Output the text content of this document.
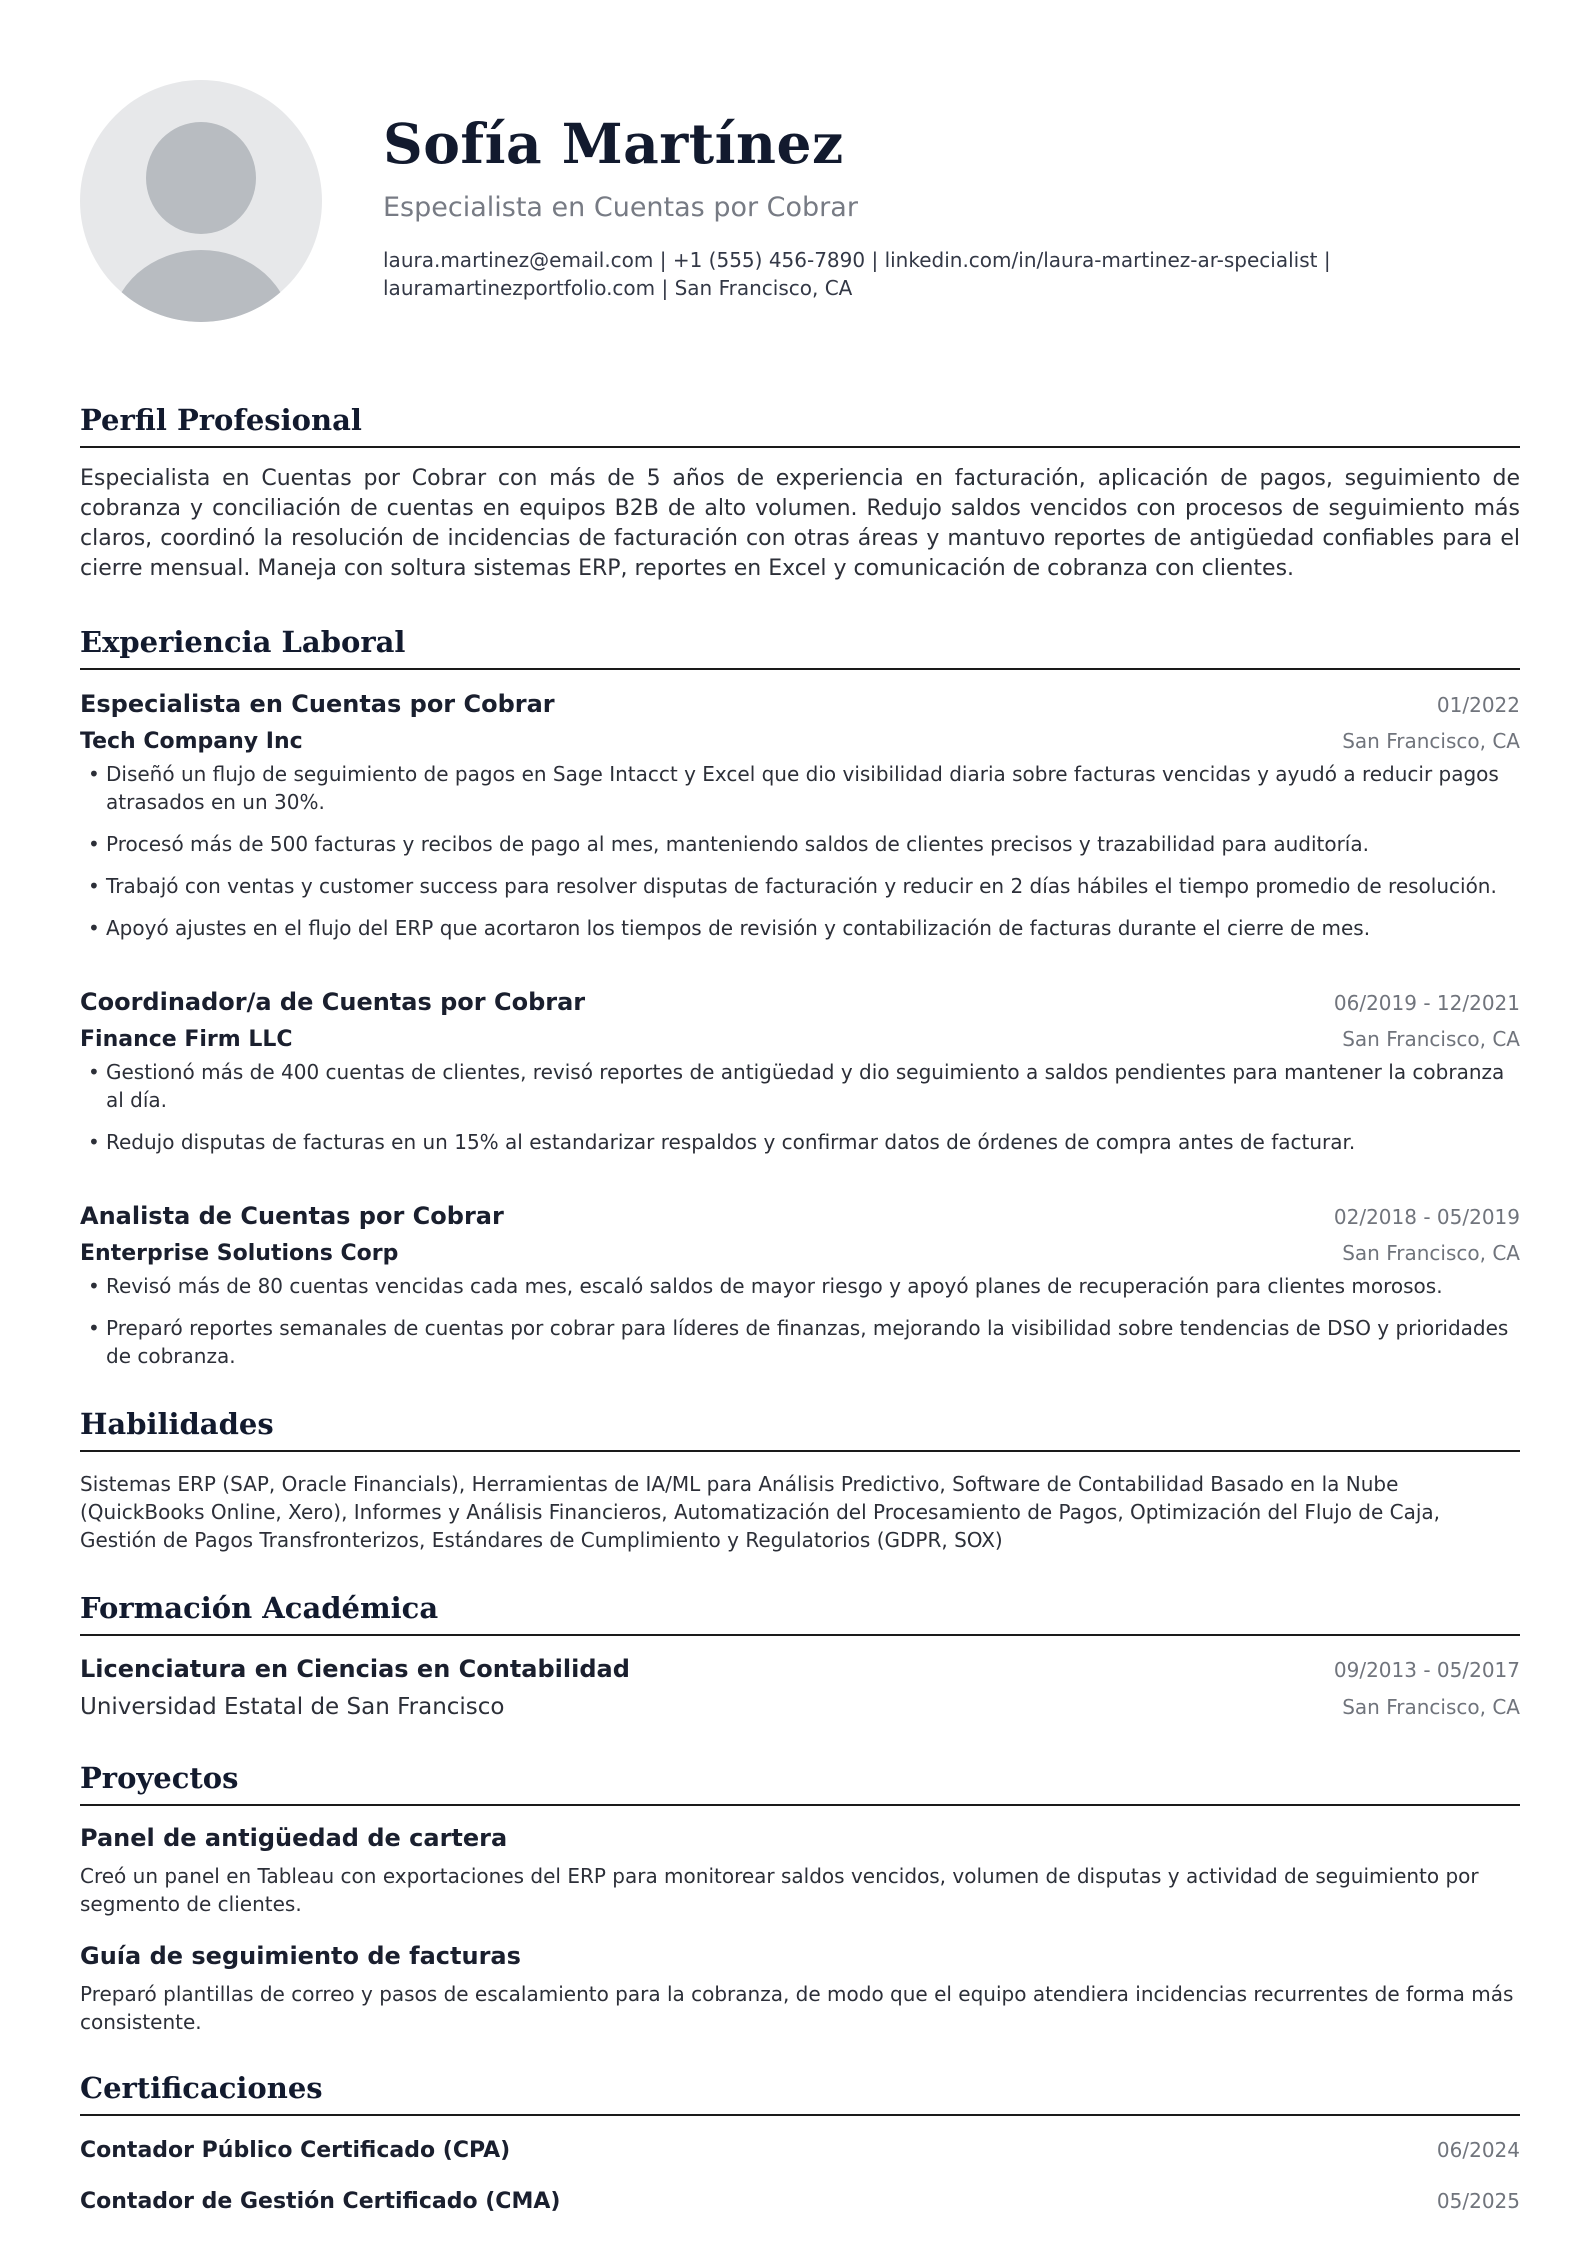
Sofía Martínez
Especialista en Cuentas por Cobrar
laura.martinez@email.com | +1 (555) 456-7890 | linkedin.com/in/laura-martinez-ar-specialist |
lauramartinezportfolio.com | San Francisco, CA
Perfil Profesional
Especialista en Cuentas por Cobrar con más de 5 años de experiencia en facturación, aplicación de pagos, seguimiento de cobranza y conciliación de cuentas en equipos B2B de alto volumen. Redujo saldos vencidos con procesos de seguimiento más claros, coordinó la resolución de incidencias de facturación con otras áreas y mantuvo reportes de antigüedad confiables para el cierre mensual. Maneja con soltura sistemas ERP, reportes en Excel y comunicación de cobranza con clientes.
Experiencia Laboral
Especialista en Cuentas por Cobrar	01/2022
Tech Company Inc	San Francisco, CA
• Diseñó un flujo de seguimiento de pagos en Sage Intacct y Excel que dio visibilidad diaria sobre facturas vencidas y ayudó a reducir pagos atrasados en un 30%.
• Procesó más de 500 facturas y recibos de pago al mes, manteniendo saldos de clientes precisos y trazabilidad para auditoría.
• Trabajó con ventas y customer success para resolver disputas de facturación y reducir en 2 días hábiles el tiempo promedio de resolución.
• Apoyó ajustes en el flujo del ERP que acortaron los tiempos de revisión y contabilización de facturas durante el cierre de mes.
Coordinador/a de Cuentas por Cobrar	06/2019 - 12/2021
Finance Firm LLC	San Francisco, CA
• Gestionó más de 400 cuentas de clientes, revisó reportes de antigüedad y dio seguimiento a saldos pendientes para mantener la cobranza al día.
• Redujo disputas de facturas en un 15% al estandarizar respaldos y confirmar datos de órdenes de compra antes de facturar.
Analista de Cuentas por Cobrar	02/2018 - 05/2019
Enterprise Solutions Corp	San Francisco, CA
• Revisó más de 80 cuentas vencidas cada mes, escaló saldos de mayor riesgo y apoyó planes de recuperación para clientes morosos.
• Preparó reportes semanales de cuentas por cobrar para líderes de finanzas, mejorando la visibilidad sobre tendencias de DSO y prioridades de cobranza.
Habilidades
Sistemas ERP (SAP, Oracle Financials), Herramientas de IA/ML para Análisis Predictivo, Software de Contabilidad Basado en la Nube (QuickBooks Online, Xero), Informes y Análisis Financieros, Automatización del Procesamiento de Pagos, Optimización del Flujo de Caja, Gestión de Pagos Transfronterizos, Estándares de Cumplimiento y Regulatorios (GDPR, SOX)
Formación Académica
Licenciatura en Ciencias en Contabilidad	09/2013 - 05/2017
Universidad Estatal de San Francisco	San Francisco, CA
Proyectos
Panel de antigüedad de cartera
Creó un panel en Tableau con exportaciones del ERP para monitorear saldos vencidos, volumen de disputas y actividad de seguimiento por segmento de clientes.
Guía de seguimiento de facturas
Preparó plantillas de correo y pasos de escalamiento para la cobranza, de modo que el equipo atendiera incidencias recurrentes de forma más consistente.
Certificaciones
Contador Público Certificado (CPA)	06/2024
Contador de Gestión Certificado (CMA)	05/2025
